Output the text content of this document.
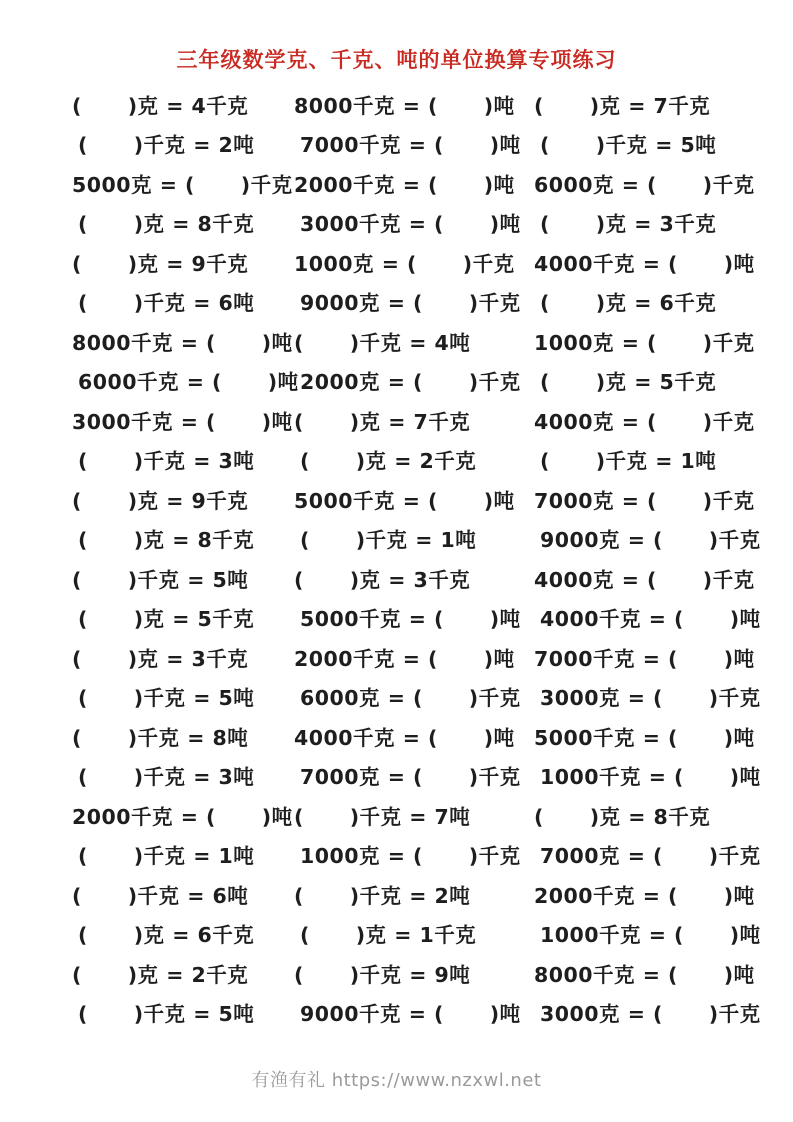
三年级数学克、千克、吨的单位换算专项练习
(      )克 = 4千克	8000千克 = (      )吨 (      )克 = 7千克
(      )千克 = 2吨	7000千克 = (      )吨 (      )千克 = 5吨
5000克 = (      )千克 2000千克 = (      )吨 6000克 = (      )千克
(      )克 = 8千克	3000千克 = (      )吨 (      )克 = 3千克
(      )克 = 9千克	1000克 = (      )千克 4000千克 = (      )吨
(      )千克 = 6吨	9000克 = (      )千克 (      )克 = 6千克
8000千克 = (      )吨 (      )千克 = 4吨	1000克 = (      )千克
6000千克 = (      )吨 2000克 = (      )千克 (      )克 = 5千克
3000千克 = (      )吨 (      )克 = 7千克	4000克 = (      )千克
(      )千克 = 3吨	(      )克 = 2千克	(      )千克 = 1吨
(      )克 = 9千克	5000千克 = (      )吨 7000克 = (      )千克
(      )克 = 8千克	(      )千克 = 1吨	9000克 = (      )千克
(      )千克 = 5吨	(      )克 = 3千克	4000克 = (      )千克
(      )克 = 5千克	5000千克 = (      )吨 4000千克 = (      )吨
(      )克 = 3千克	2000千克 = (      )吨 7000千克 = (      )吨
(      )千克 = 5吨	6000克 = (      )千克 3000克 = (      )千克
(      )千克 = 8吨	4000千克 = (      )吨 5000千克 = (      )吨
(      )千克 = 3吨	7000克 = (      )千克 1000千克 = (      )吨
2000千克 = (      )吨 (      )千克 = 7吨	(      )克 = 8千克
(      )千克 = 1吨	1000克 = (      )千克 7000克 = (      )千克
(      )千克 = 6吨	(      )千克 = 2吨	2000千克 = (      )吨
(      )克 = 6千克	(      )克 = 1千克	1000千克 = (      )吨
(      )克 = 2千克	(      )千克 = 9吨	8000千克 = (      )吨
(      )千克 = 5吨	9000千克 = (      )吨 3000克 = (      )千克
有渔有礼 https://www.nzxwl.net
